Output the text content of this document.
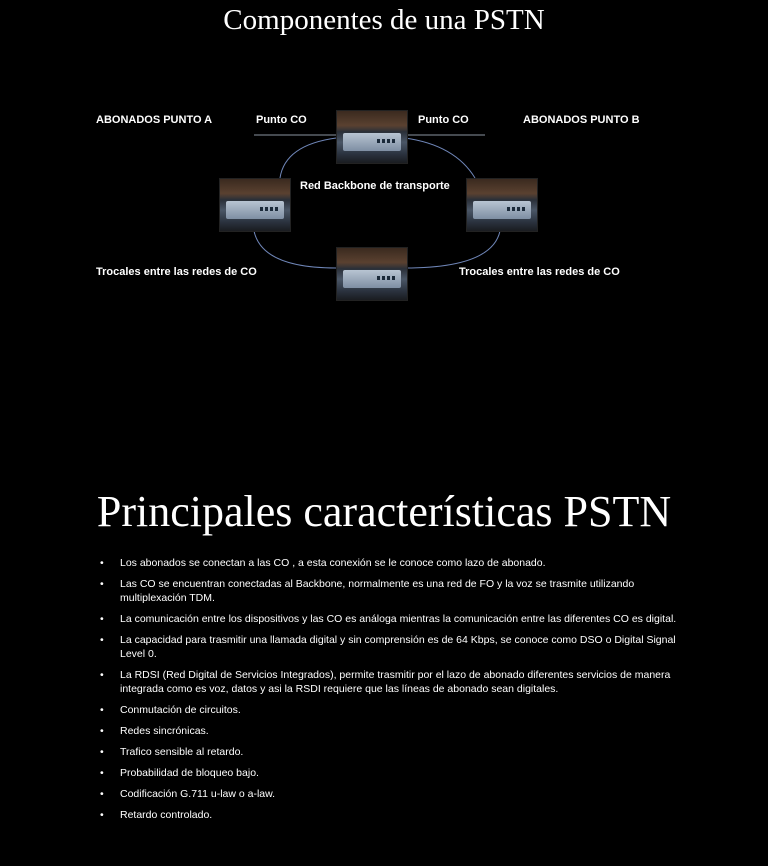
Componentes de una PSTN
ABONADOS PUNTO A	Punto CO	Punto CO	ABONADOS PUNTO B
Red Backbone de transporte
Trocales entre las redes de CO	Trocales entre las redes de CO
Principales características PSTN
• Los abonados se conectan a las CO , a esta conexión se le conoce como lazo de abonado.
• Las CO se encuentran conectadas al Backbone, normalmente es una red de FO y la voz se trasmite utilizando multiplexación TDM.
• La comunicación entre los dispositivos y las CO es análoga mientras la comunicación entre las diferentes CO es digital.
• La capacidad para trasmitir una llamada digital y sin comprensión es de 64 Kbps, se conoce como DSO o Digital Signal Level 0.
• La RDSI (Red Digital de Servicios Integrados), permite trasmitir por el lazo de abonado diferentes servicios de manera integrada como es voz, datos y asi la RSDI requiere que las líneas de abonado sean digitales.
• Conmutación de circuitos.
• Redes sincrónicas.
• Trafico sensible al retardo.
• Probabilidad de bloqueo bajo.
• Codificación G.711 u-law o a-law.
• Retardo controlado.
